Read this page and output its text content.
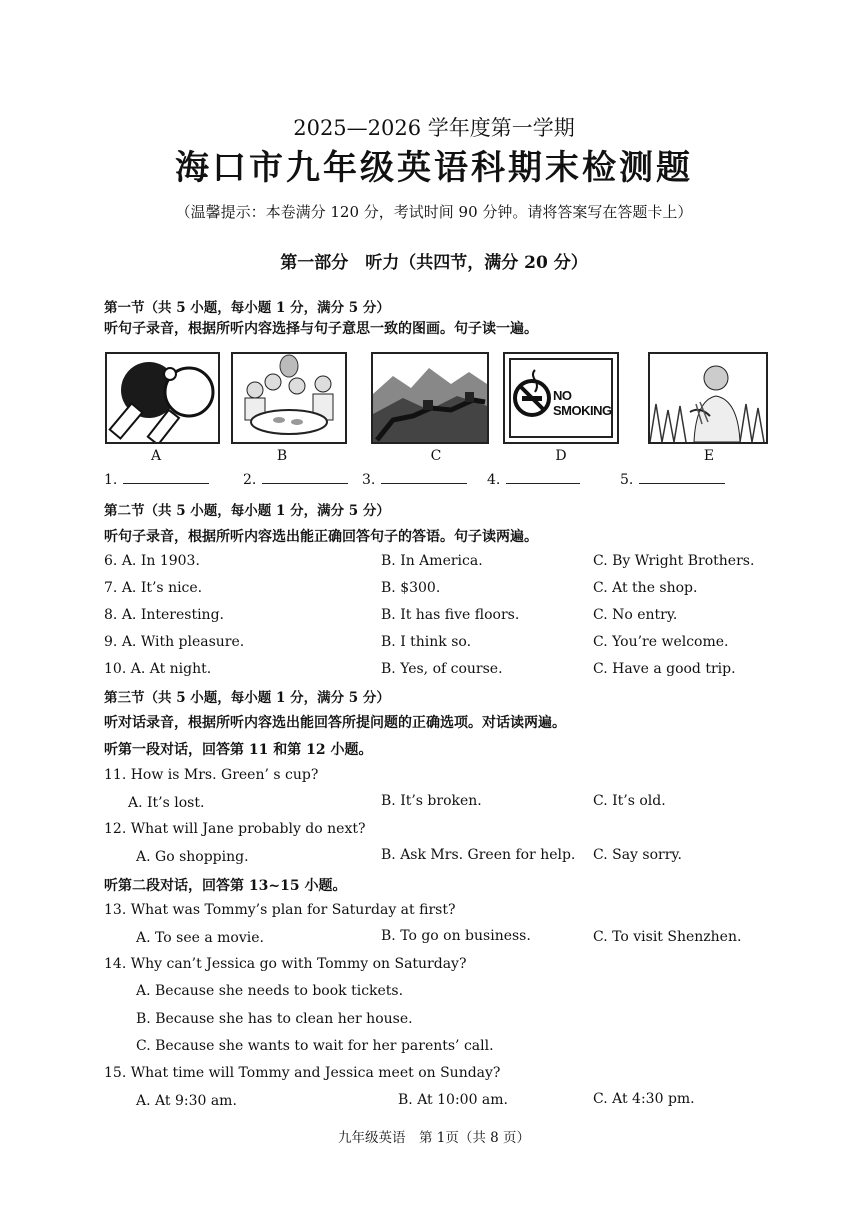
2025—2026 学年度第一学期
海口市九年级英语科期末检测题
（温馨提示：本卷满分 120 分，考试时间 90 分钟。请将答案写在答题卡上）
第一部分　听力（共四节，满分 20 分）
第一节（共 5 小题，每小题 1 分，满分 5 分）
听句子录音，根据所听内容选择与句子意思一致的图画。句子读一遍。
NO SMOKING
A	B	C	D	E
1.	2.	3.	4.	5.
第二节（共 5 小题，每小题 1 分，满分 5 分）
听句子录音，根据所听内容选出能正确回答句子的答语。句子读两遍。
6. A. In 1903.	B. In America.	C. By Wright Brothers.
7. A. It’s nice.	B. $300.	C. At the shop.
8. A. Interesting.	B. It has five floors.	C. No entry.
9. A. With pleasure.	B. I think so.	C. You’re welcome.
10. A. At night.	B. Yes, of course.	C. Have a good trip.
第三节（共 5 小题，每小题 1 分，满分 5 分）
听对话录音，根据所听内容选出能回答所提问题的正确选项。对话读两遍。
听第一段对话，回答第 11 和第 12 小题。
11. How is Mrs. Green’ s cup?
A. It’s lost.	B. It’s broken.	C. It’s old.
12. What will Jane probably do next?
A. Go shopping.	B. Ask Mrs. Green for help. C. Say sorry.
听第二段对话，回答第 13~15 小题。
13. What was Tommy’s plan for Saturday at first?
A. To see a movie.	B. To go on business.	C. To visit Shenzhen.
14. Why can’t Jessica go with Tommy on Saturday?
A. Because she needs to book tickets.
B. Because she has to clean her house.
C. Because she wants to wait for her parents’ call.
15. What time will Tommy and Jessica meet on Sunday?
A. At 9:30 am.	B. At 10:00 am.	C. At 4:30 pm.
九年级英语　第 1页（共 8 页）
